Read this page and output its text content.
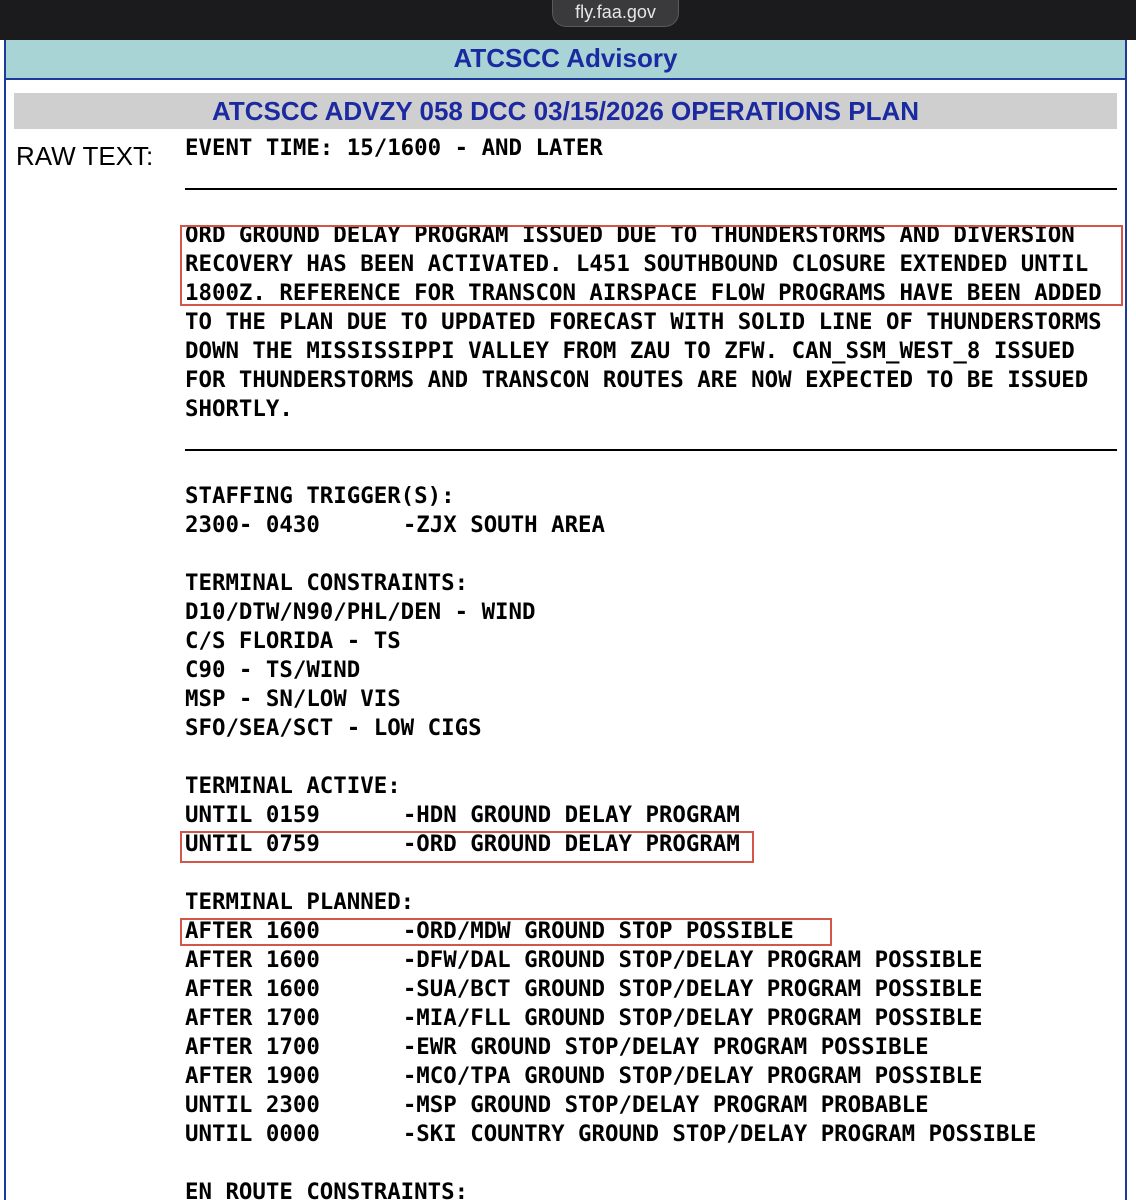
fly.faa.gov
ATCSCC Advisory
ATCSCC ADVZY 058 DCC 03/15/2026 OPERATIONS PLAN
RAW TEXT: EVENT TIME: 15/1600 - AND LATER
ORD GROUND DELAY PROGRAM ISSUED DUE TO THUNDERSTORMS AND DIVERSION
RECOVERY HAS BEEN ACTIVATED. L451 SOUTHBOUND CLOSURE EXTENDED UNTIL
1800Z. REFERENCE FOR TRANSCON AIRSPACE FLOW PROGRAMS HAVE BEEN ADDED
TO THE PLAN DUE TO UPDATED FORECAST WITH SOLID LINE OF THUNDERSTORMS
DOWN THE MISSISSIPPI VALLEY FROM ZAU TO ZFW. CAN_SSM_WEST_8 ISSUED
FOR THUNDERSTORMS AND TRANSCON ROUTES ARE NOW EXPECTED TO BE ISSUED
SHORTLY.
STAFFING TRIGGER(S):
2300- 0430	-ZJX SOUTH AREA
TERMINAL CONSTRAINTS:
D10/DTW/N90/PHL/DEN - WIND
C/S FLORIDA - TS
C90 - TS/WIND
MSP - SN/LOW VIS
SFO/SEA/SCT - LOW CIGS
TERMINAL ACTIVE:
UNTIL 0159	-HDN GROUND DELAY PROGRAM
UNTIL 0759	-ORD GROUND DELAY PROGRAM
TERMINAL PLANNED:
AFTER 1600	-ORD/MDW GROUND STOP POSSIBLE
AFTER 1600	-DFW/DAL GROUND STOP/DELAY PROGRAM POSSIBLE
AFTER 1600	-SUA/BCT GROUND STOP/DELAY PROGRAM POSSIBLE
AFTER 1700	-MIA/FLL GROUND STOP/DELAY PROGRAM POSSIBLE
AFTER 1700	-EWR GROUND STOP/DELAY PROGRAM POSSIBLE
AFTER 1900	-MCO/TPA GROUND STOP/DELAY PROGRAM POSSIBLE
UNTIL 2300	-MSP GROUND STOP/DELAY PROGRAM PROBABLE
UNTIL 0000	-SKI COUNTRY GROUND STOP/DELAY PROGRAM POSSIBLE
EN ROUTE CONSTRAINTS:
